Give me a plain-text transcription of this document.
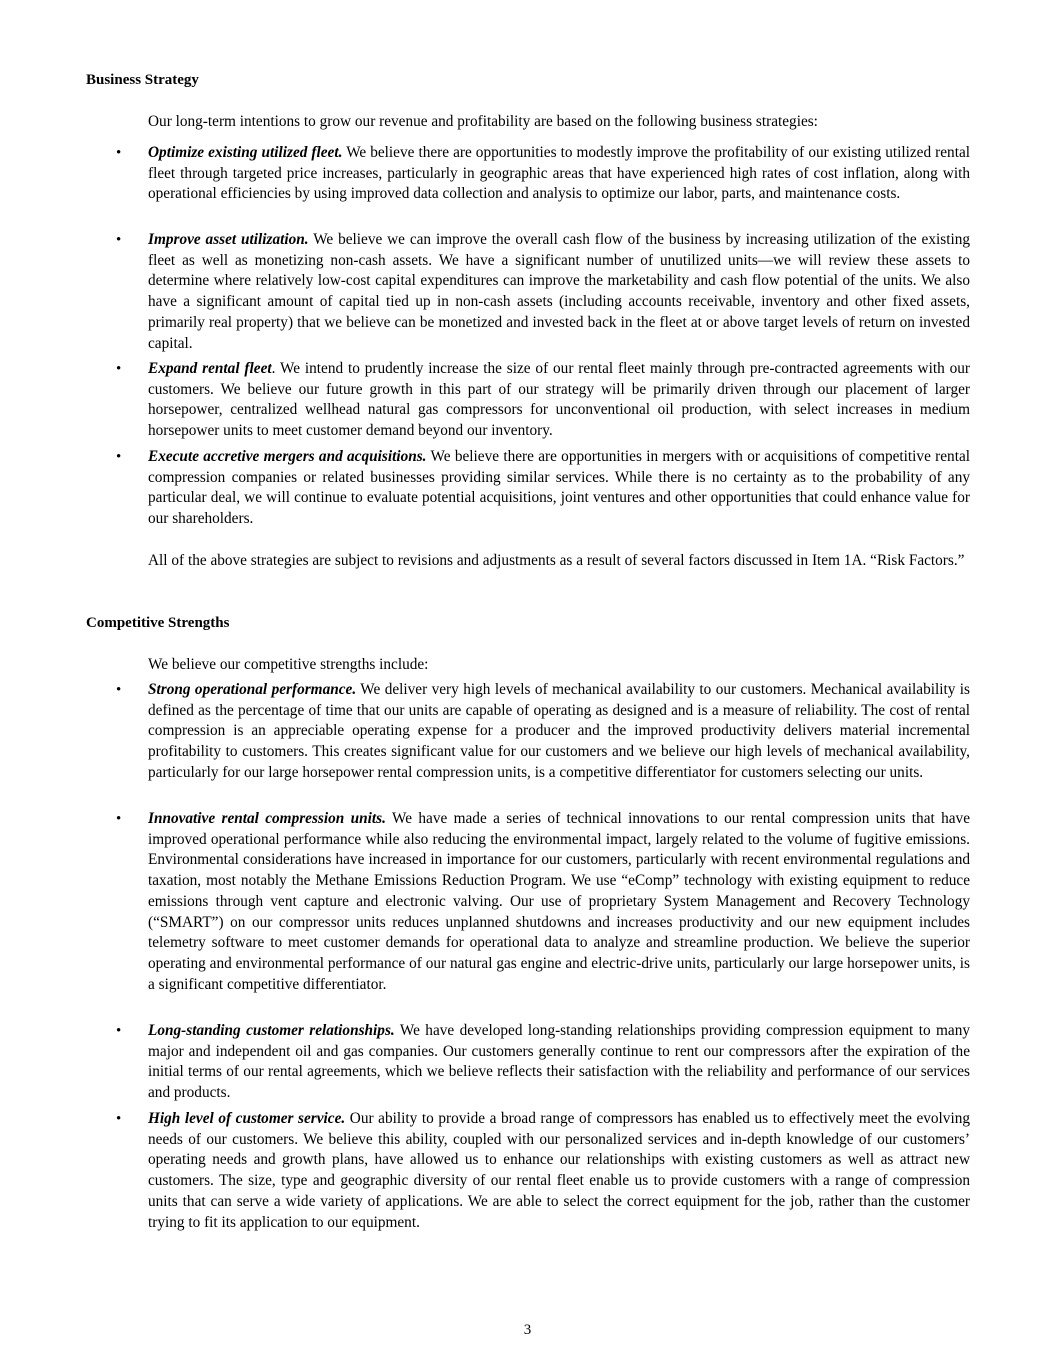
Business Strategy
Our long-term intentions to grow our revenue and profitability are based on the following business strategies:
• Optimize existing utilized fleet. We believe there are opportunities to modestly improve the profitability of our existing utilized rental fleet through targeted price increases, particularly in geographic areas that have experienced high rates of cost inflation, along with operational efficiencies by using improved data collection and analysis to optimize our labor, parts, and maintenance costs.
• Improve asset utilization. We believe we can improve the overall cash flow of the business by increasing utilization of the existing fleet as well as monetizing non-cash assets. We have a significant number of unutilized units—we will review these assets to determine where relatively low-cost capital expenditures can improve the marketability and cash flow potential of the units. We also have a significant amount of capital tied up in non-cash assets (including accounts receivable, inventory and other fixed assets, primarily real property) that we believe can be monetized and invested back in the fleet at or above target levels of return on invested capital.
• Expand rental fleet. We intend to prudently increase the size of our rental fleet mainly through pre-contracted agreements with our customers. We believe our future growth in this part of our strategy will be primarily driven through our placement of larger horsepower, centralized wellhead natural gas compressors for unconventional oil production, with select increases in medium horsepower units to meet customer demand beyond our inventory.
• Execute accretive mergers and acquisitions. We believe there are opportunities in mergers with or acquisitions of competitive rental compression companies or related businesses providing similar services. While there is no certainty as to the probability of any particular deal, we will continue to evaluate potential acquisitions, joint ventures and other opportunities that could enhance value for our shareholders.
All of the above strategies are subject to revisions and adjustments as a result of several factors discussed in Item 1A. “Risk Factors.”
Competitive Strengths
We believe our competitive strengths include:
• Strong operational performance. We deliver very high levels of mechanical availability to our customers. Mechanical availability is defined as the percentage of time that our units are capable of operating as designed and is a measure of reliability. The cost of rental compression is an appreciable operating expense for a producer and the improved productivity delivers material incremental profitability to customers. This creates significant value for our customers and we believe our high levels of mechanical availability, particularly for our large horsepower rental compression units, is a competitive differentiator for customers selecting our units.
• Innovative rental compression units. We have made a series of technical innovations to our rental compression units that have improved operational performance while also reducing the environmental impact, largely related to the volume of fugitive emissions. Environmental considerations have increased in importance for our customers, particularly with recent environmental regulations and taxation, most notably the Methane Emissions Reduction Program. We use “eComp” technology with existing equipment to reduce emissions through vent capture and electronic valving. Our use of proprietary System Management and Recovery Technology (“SMART”) on our compressor units reduces unplanned shutdowns and increases productivity and our new equipment includes telemetry software to meet customer demands for operational data to analyze and streamline production. We believe the superior operating and environmental performance of our natural gas engine and electric-drive units, particularly our large horsepower units, is a significant competitive differentiator.
• Long-standing customer relationships. We have developed long-standing relationships providing compression equipment to many major and independent oil and gas companies. Our customers generally continue to rent our compressors after the expiration of the initial terms of our rental agreements, which we believe reflects their satisfaction with the reliability and performance of our services and products.
• High level of customer service. Our ability to provide a broad range of compressors has enabled us to effectively meet the evolving needs of our customers. We believe this ability, coupled with our personalized services and in-depth knowledge of our customers’ operating needs and growth plans, have allowed us to enhance our relationships with existing customers as well as attract new customers. The size, type and geographic diversity of our rental fleet enable us to provide customers with a range of compression units that can serve a wide variety of applications. We are able to select the correct equipment for the job, rather than the customer trying to fit its application to our equipment.
3
